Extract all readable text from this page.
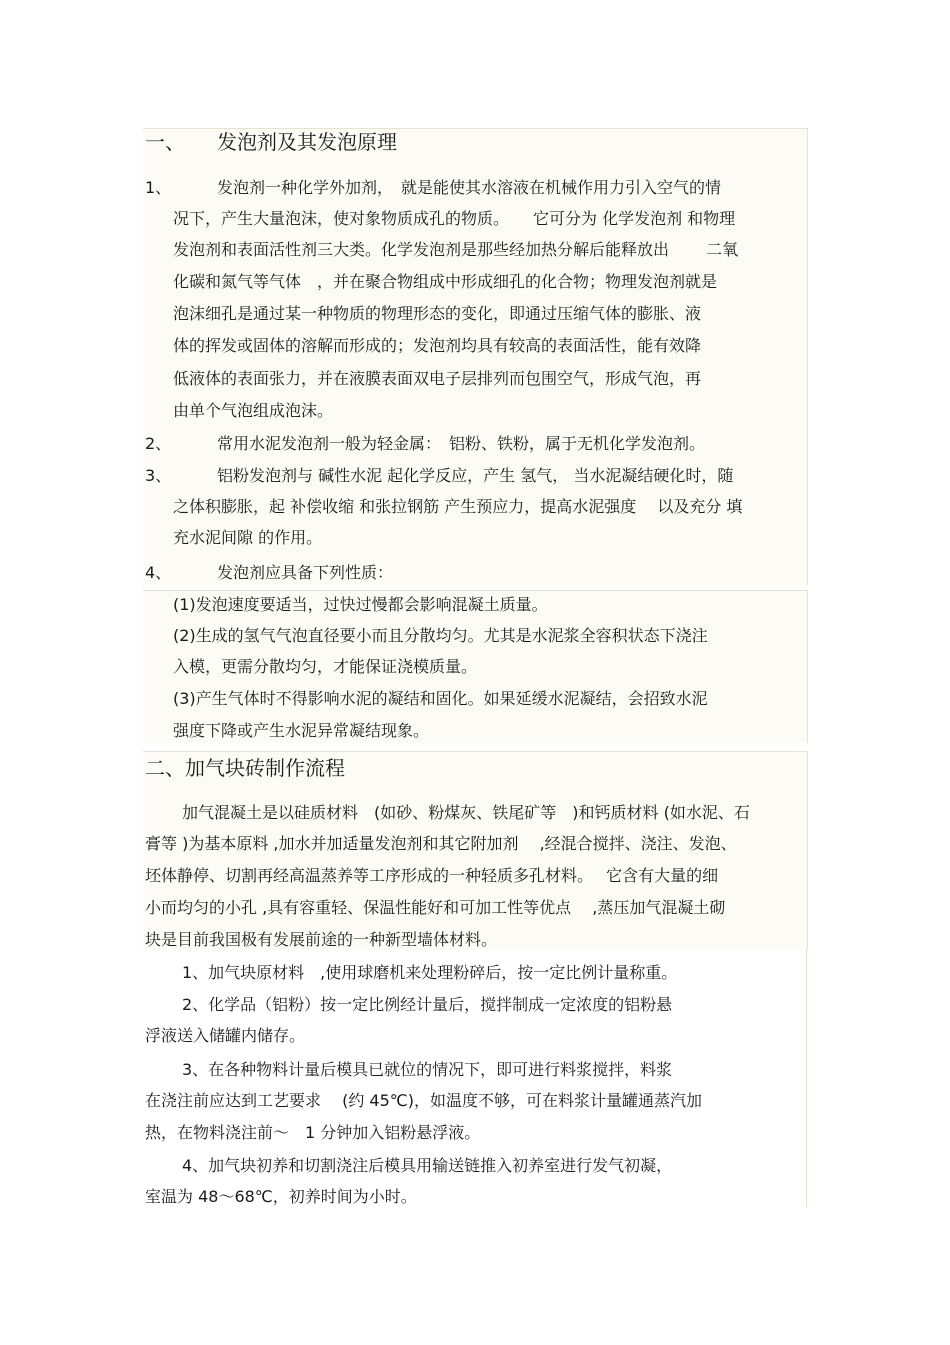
一、 发泡剂及其发泡原理
1、	发泡剂一种化学外加剂，　就是能使其水溶液在机械作用力引入空气的情
况下，产生大量泡沫，使对象物质成孔的物质。　　它可分为 化学发泡剂 和物理
发泡剂和表面活性剂三大类。化学发泡剂是那些经加热分解后能释放出　　 二氧
化碳和氮气等气体　，并在聚合物组成中形成细孔的化合物；物理发泡剂就是
泡沫细孔是通过某一种物质的物理形态的变化，即通过压缩气体的膨胀、液
体的挥发或固体的溶解而形成的；发泡剂均具有较高的表面活性，能有效降
低液体的表面张力，并在液膜表面双电子层排列而包围空气，形成气泡，再
由单个气泡组成泡沫。
2、	常用水泥发泡剂一般为轻金属：　铝粉、铁粉，属于无机化学发泡剂。
3、	铝粉发泡剂与 碱性水泥 起化学反应，产生 氢气， 当水泥凝结硬化时，随
之体积膨胀，起 补偿收缩 和张拉钢筋 产生预应力，提高水泥强度　 以及充分 填
充水泥间隙 的作用。
4、	发泡剂应具备下列性质：
(1)发泡速度要适当，过快过慢都会影响混凝土质量。
(2)生成的氢气气泡直径要小而且分散均匀。尤其是水泥浆全容积状态下浇注
入模，更需分散均匀，才能保证浇模质量。
(3)产生气体时不得影响水泥的凝结和固化。如果延缓水泥凝结，会招致水泥
强度下降或产生水泥异常凝结现象。
二、加气块砖制作流程
加气混凝土是以硅质材料　(如砂、粉煤灰、铁尾矿等　)和钙质材料 (如水泥、石
膏等 )为基本原料 ,加水并加适量发泡剂和其它附加剂　 ,经混合搅拌、浇注、发泡、
坯体静停、切割再经高温蒸养等工序形成的一种轻质多孔材料。　 它含有大量的细
小而均匀的小孔 ,具有容重轻、保温性能好和可加工性等优点　 ,蒸压加气混凝土砌
块是目前我国极有发展前途的一种新型墙体材料。
1、加气块原材料　,使用球磨机来处理粉碎后，按一定比例计量称重。
2、化学品（铝粉）按一定比例经计量后，搅拌制成一定浓度的铝粉悬
浮液送入储罐内储存。
3、在各种物料计量后模具已就位的情况下，即可进行料浆搅拌，料浆
在浇注前应达到工艺要求　 (约 45℃)，如温度不够，可在料浆计量罐通蒸汽加
热，在物料浇注前～　1 分钟加入铝粉悬浮液。
4、加气块初养和切割浇注后模具用输送链推入初养室进行发气初凝，
室温为 48～68℃，初养时间为小时。
